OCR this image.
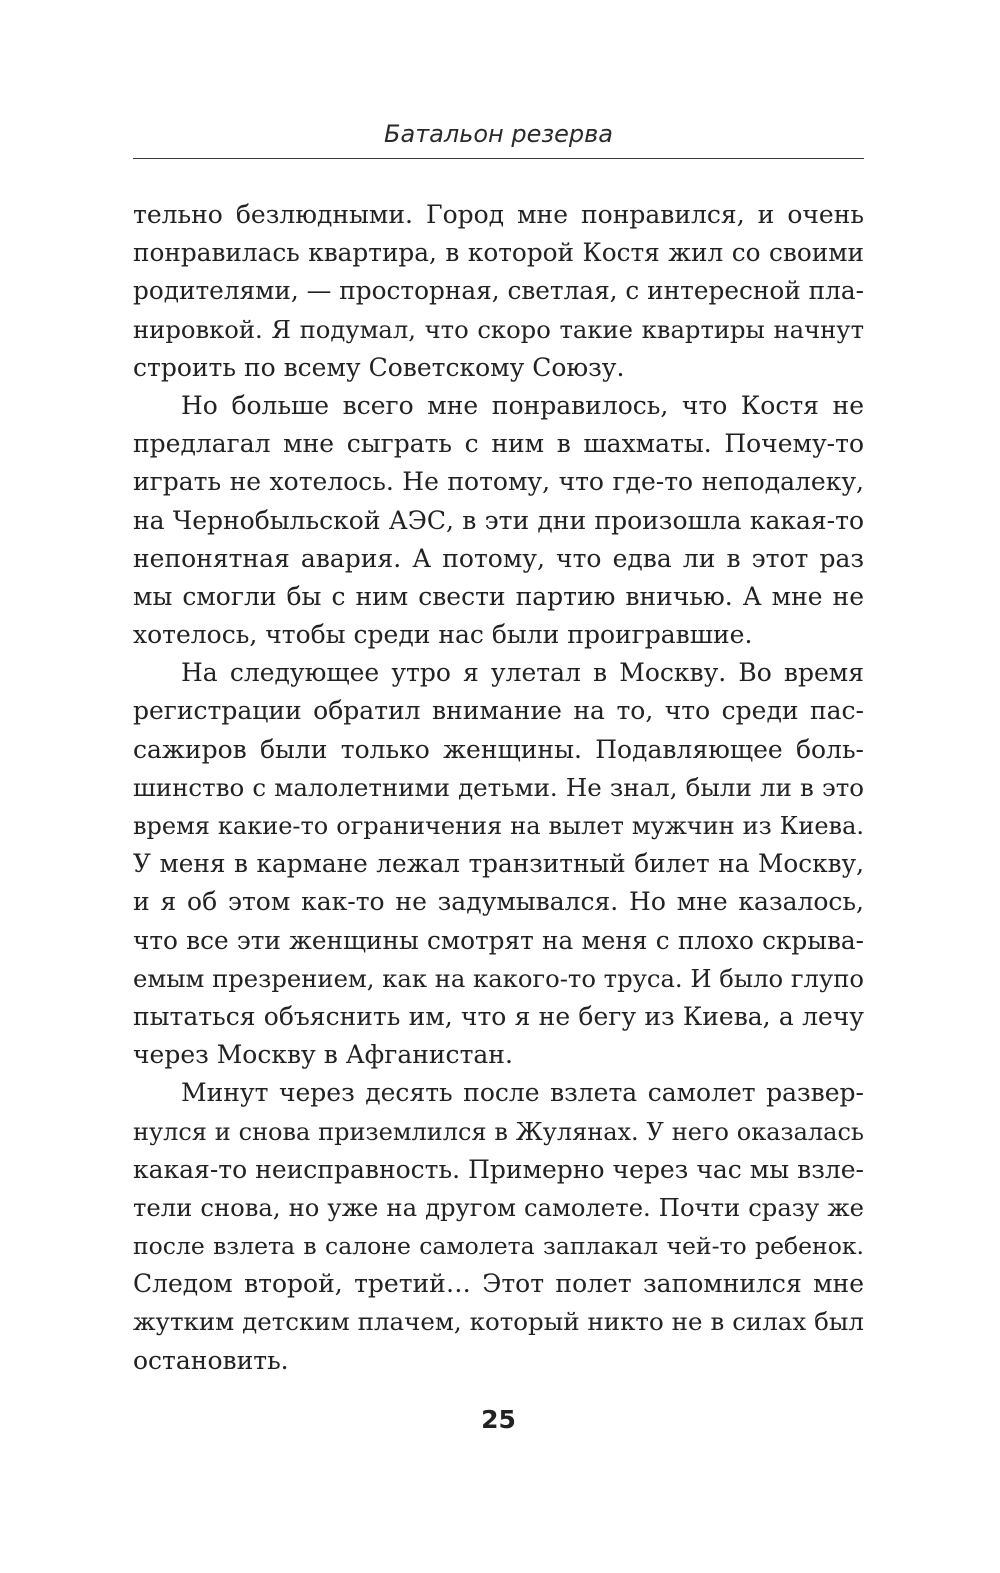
Батальон резерва
тельно безлюдными. Город мне понравился, и очень
понравилась квартира, в которой Костя жил со своими
родителями, — просторная, светлая, с интересной пла-
нировкой. Я подумал, что скоро такие квартиры начнут
строить по всему Советскому Союзу.
Но больше всего мне понравилось, что Костя не
предлагал мне сыграть с ним в шахматы. Почему-то
играть не хотелось. Не потому, что где-то неподалеку,
на Чернобыльской АЭС, в эти дни произошла какая-то
непонятная авария. А потому, что едва ли в этот раз
мы смогли бы с ним свести партию вничью. А мне не
хотелось, чтобы среди нас были проигравшие.
На следующее утро я улетал в Москву. Во время
регистрации обратил внимание на то, что среди пас-
сажиров были только женщины. Подавляющее боль-
шинство с малолетними детьми. Не знал, были ли в это
время какие-то ограничения на вылет мужчин из Киева.
У меня в кармане лежал транзитный билет на Москву,
и я об этом как-то не задумывался. Но мне казалось,
что все эти женщины смотрят на меня с плохо скрыва-
емым презрением, как на какого-то труса. И было глупо
пытаться объяснить им, что я не бегу из Киева, а лечу
через Москву в Афганистан.
Минут через десять после взлета самолет развер-
нулся и снова приземлился в Жулянах. У него оказалась
какая-то неисправность. Примерно через час мы взле-
тели снова, но уже на другом самолете. Почти сразу же
после взлета в салоне самолета заплакал чей-то ребенок.
Следом второй, третий… Этот полет запомнился мне
жутким детским плачем, который никто не в силах был
остановить.
25
